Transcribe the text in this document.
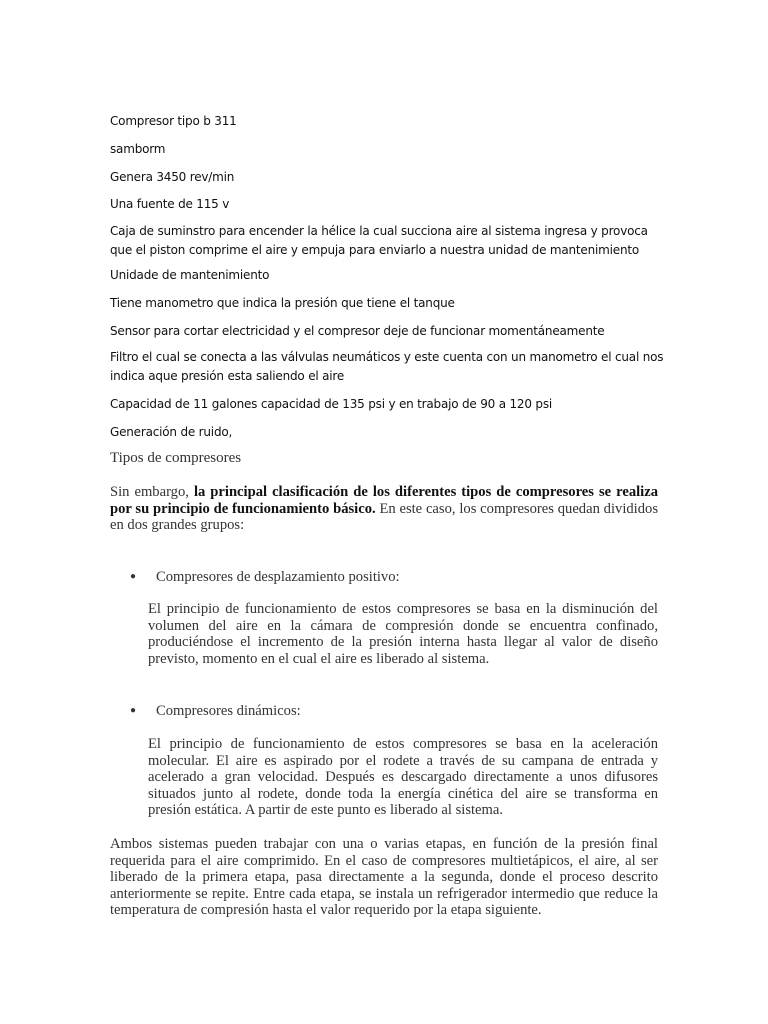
Compresor tipo b 311

samborm

Genera 3450 rev/min

Una fuente de 115 v

Caja de suminstro para encender la hélice la cual succiona aire al sistema ingresa y provoca que el piston comprime el aire y empuja para enviarlo a nuestra unidad de mantenimiento

Unidade de mantenimiento

Tiene manometro que indica la presión que tiene el tanque

Sensor para cortar electricidad y el compresor deje de funcionar momentáneamente

Filtro el cual se conecta a las válvulas neumáticos y este cuenta con un manometro el cual nos indica aque presión esta saliendo el aire

Capacidad de 11 galones capacidad de 135 psi y en trabajo de 90 a 120 psi

Generación de ruido,

Tipos de compresores

Sin embargo, la principal clasificación de los diferentes tipos de compresores se realiza por su principio de funcionamiento básico. En este caso, los compresores quedan divididos en dos grandes grupos:

● Compresores de desplazamiento positivo:

El principio de funcionamiento de estos compresores se basa en la disminución del volumen del aire en la cámara de compresión donde se encuentra confinado, produciéndose el incremento de la presión interna hasta llegar al valor de diseño previsto, momento en el cual el aire es liberado al sistema.

● Compresores dinámicos:

El principio de funcionamiento de estos compresores se basa en la aceleración molecular. El aire es aspirado por el rodete a través de su campana de entrada y acelerado a gran velocidad. Después es descargado directamente a unos difusores situados junto al rodete, donde toda la energía cinética del aire se transforma en presión estática. A partir de este punto es liberado al sistema.

Ambos sistemas pueden trabajar con una o varias etapas, en función de la presión final requerida para el aire comprimido. En el caso de compresores multietápicos, el aire, al ser liberado de la primera etapa, pasa directamente a la segunda, donde el proceso descrito anteriormente se repite. Entre cada etapa, se instala un refrigerador intermedio que reduce la temperatura de compresión hasta el valor requerido por la etapa siguiente.
